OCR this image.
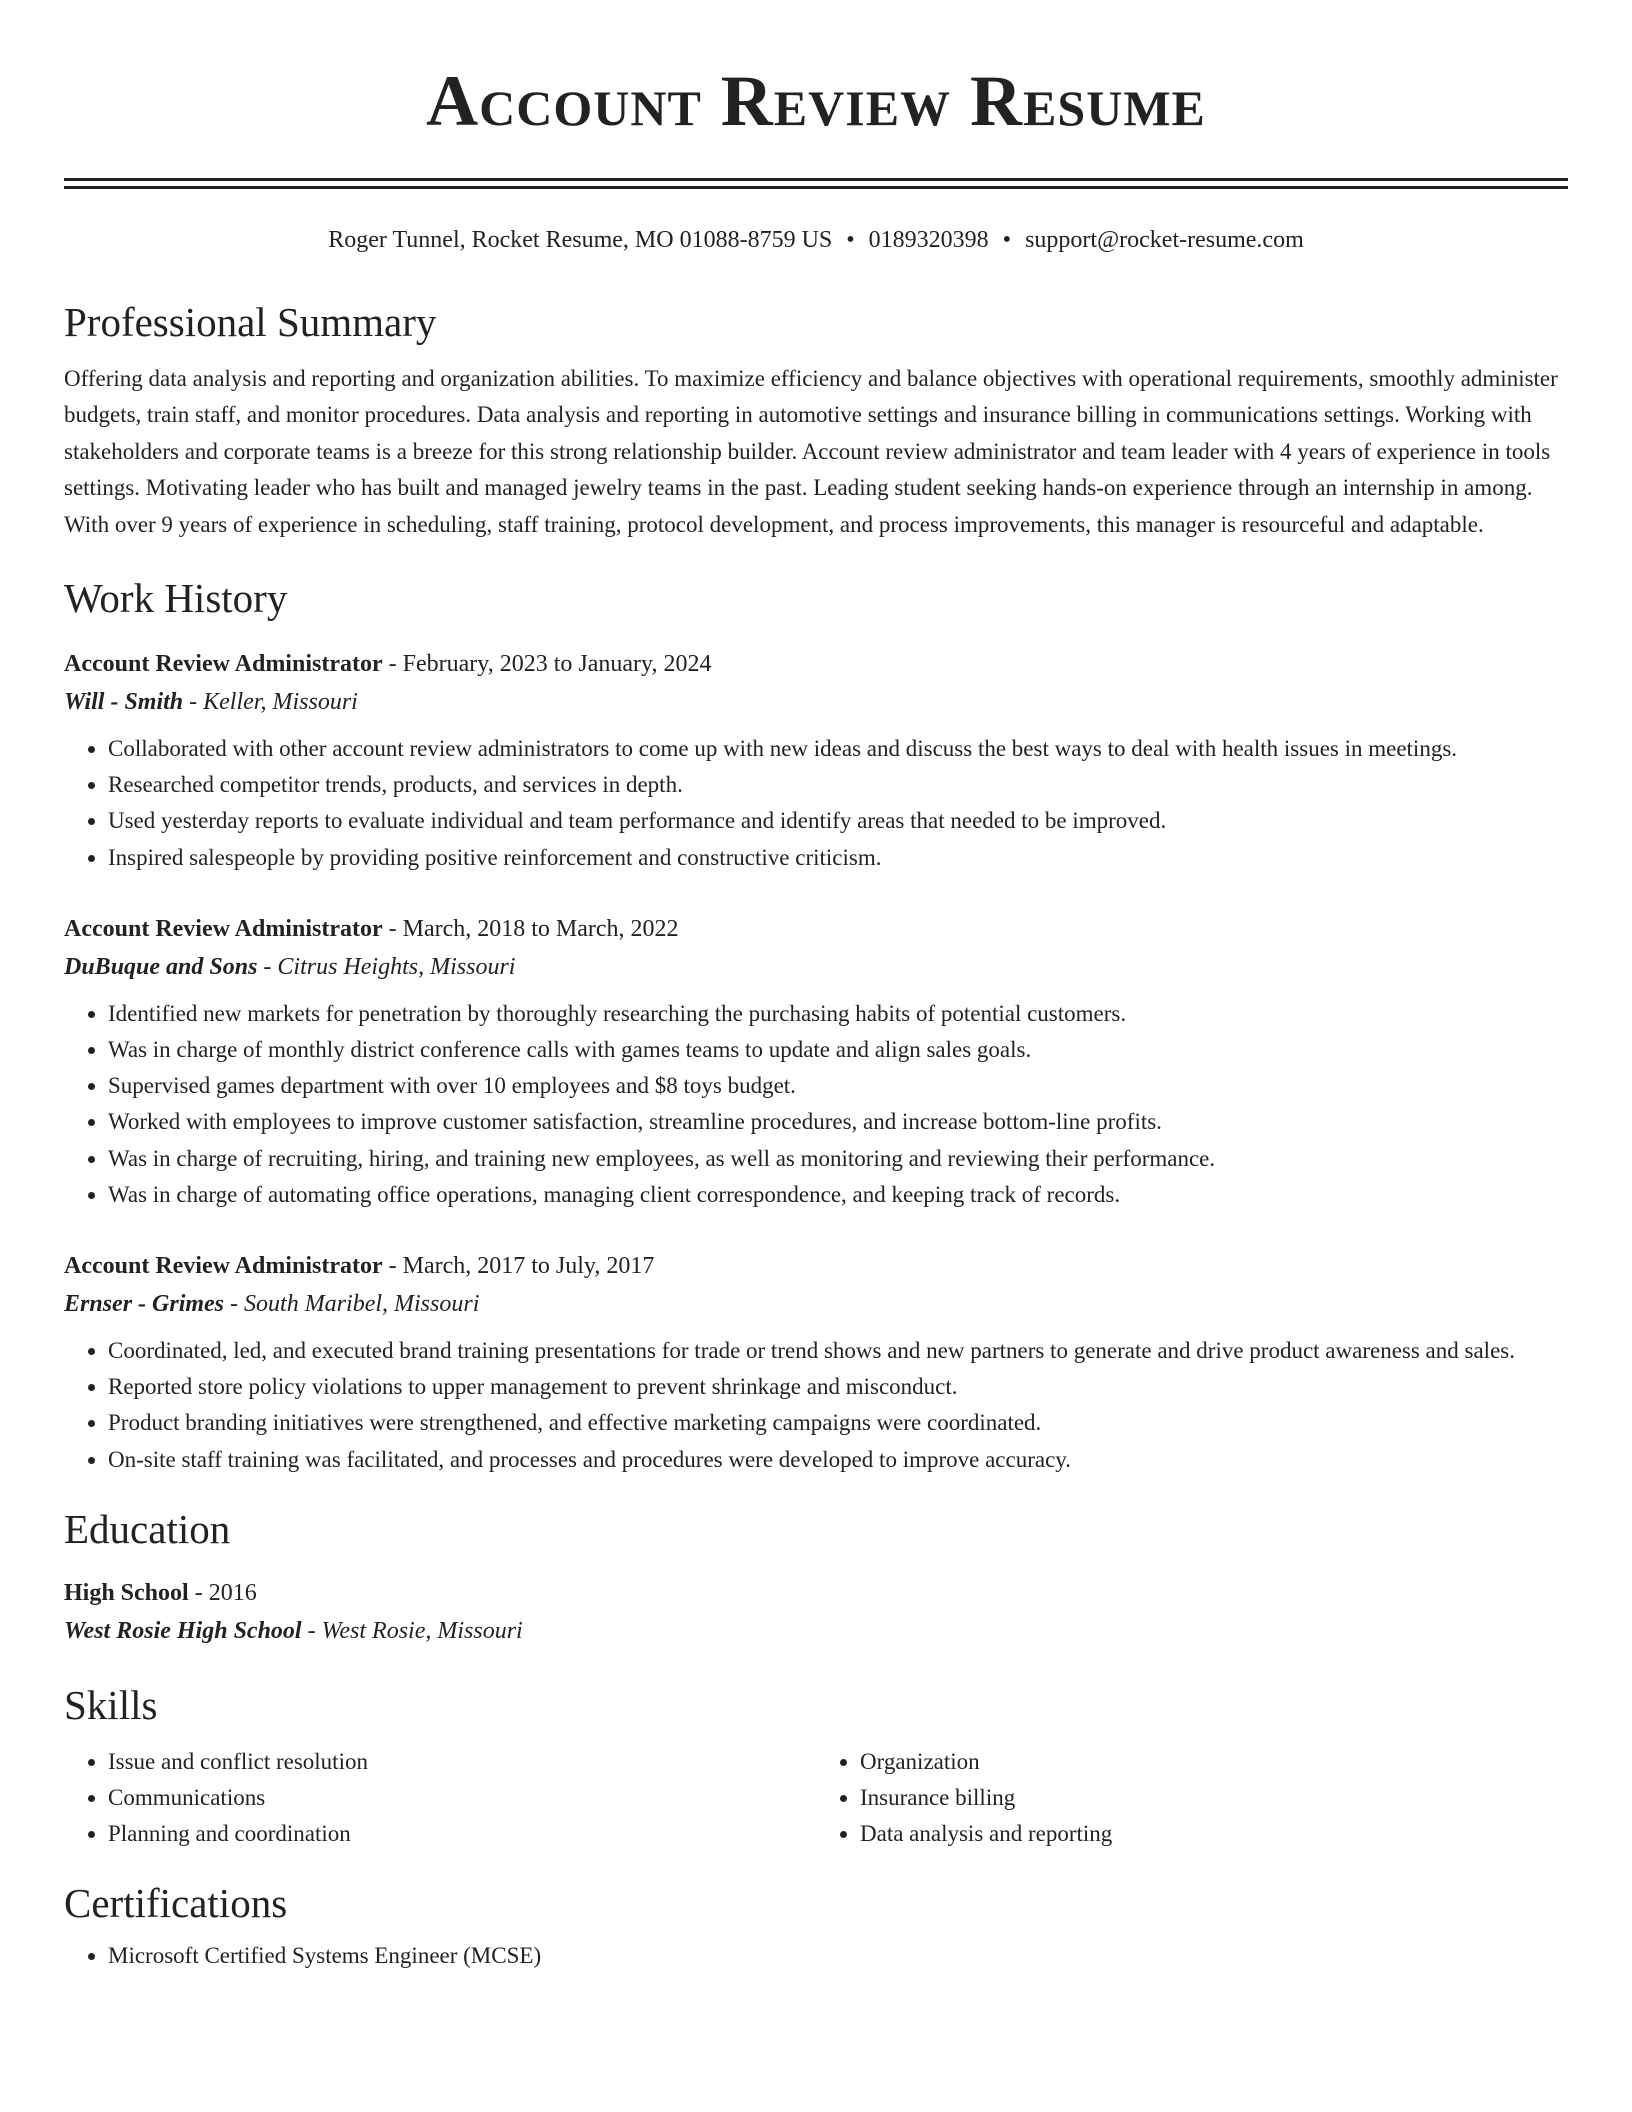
Account Review Resume
Roger Tunnel, Rocket Resume, MO 01088-8759 US • 0189320398 • support@rocket-resume.com
Professional Summary

Offering data analysis and reporting and organization abilities. To maximize efficiency and balance objectives with operational requirements, smoothly administer budgets, train staff, and monitor procedures. Data analysis and reporting in automotive settings and insurance billing in communications settings. Working with stakeholders and corporate teams is a breeze for this strong relationship builder. Account review administrator and team leader with 4 years of experience in tools settings. Motivating leader who has built and managed jewelry teams in the past. Leading student seeking hands-on experience through an internship in among. With over 9 years of experience in scheduling, staff training, protocol development, and process improvements, this manager is resourceful and adaptable.

Work History
Account Review Administrator - February, 2023 to January, 2024
Will - Smith - Keller, Missouri
• Collaborated with other account review administrators to come up with new ideas and discuss the best ways to deal with health issues in meetings.
• Researched competitor trends, products, and services in depth.
• Used yesterday reports to evaluate individual and team performance and identify areas that needed to be improved.
• Inspired salespeople by providing positive reinforcement and constructive criticism.
Account Review Administrator - March, 2018 to March, 2022
DuBuque and Sons - Citrus Heights, Missouri
• Identified new markets for penetration by thoroughly researching the purchasing habits of potential customers.
• Was in charge of monthly district conference calls with games teams to update and align sales goals.
• Supervised games department with over 10 employees and $8 toys budget.
• Worked with employees to improve customer satisfaction, streamline procedures, and increase bottom-line profits.
• Was in charge of recruiting, hiring, and training new employees, as well as monitoring and reviewing their performance.
• Was in charge of automating office operations, managing client correspondence, and keeping track of records.
Account Review Administrator - March, 2017 to July, 2017
Ernser - Grimes - South Maribel, Missouri
• Coordinated, led, and executed brand training presentations for trade or trend shows and new partners to generate and drive product awareness and sales.
• Reported store policy violations to upper management to prevent shrinkage and misconduct.
• Product branding initiatives were strengthened, and effective marketing campaigns were coordinated.
• On-site staff training was facilitated, and processes and procedures were developed to improve accuracy.
Education
High School - 2016
West Rosie High School - West Rosie, Missouri
Skills
• Issue and conflict resolution
• Communications
• Planning and coordination
• Organization
• Insurance billing
• Data analysis and reporting
Certifications
• Microsoft Certified Systems Engineer (MCSE)
